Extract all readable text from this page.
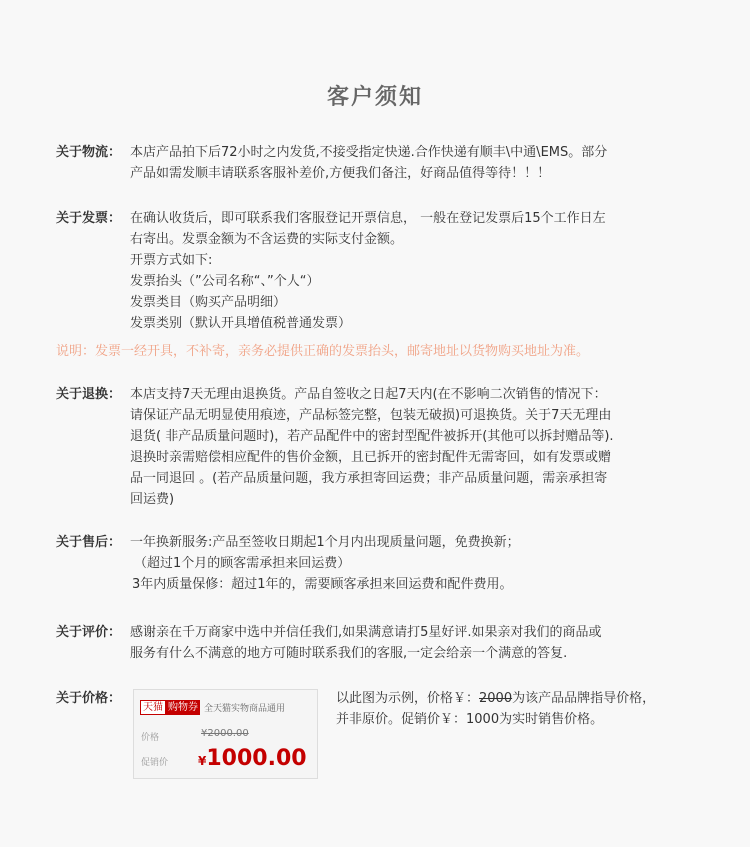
客户须知
关于物流： 本店产品拍下后72小时之内发货,不接受指定快递.合作快递有顺丰\中通\EMS。部分
产品如需发顺丰请联系客服补差价,方便我们备注，好商品值得等待！！！
关于发票： 在确认收货后，即可联系我们客服登记开票信息， 一般在登记发票后15个工作日左
右寄出。发票金额为不含运费的实际支付金额。
开票方式如下:
发票抬头（”公司名称“、”个人“）
发票类目（购买产品明细）
发票类别（默认开具增值税普通发票）
说明：发票一经开具，不补寄，亲务必提供正确的发票抬头，邮寄地址以货物购买地址为准。
关于退换： 本店支持7天无理由退换货。产品自签收之日起7天内(在不影响二次销售的情况下：
请保证产品无明显使用痕迹，产品标签完整，包装无破损)可退换货。关于7天无理由
退货( 非产品质量问题时)，若产品配件中的密封型配件被拆开(其他可以拆封赠品等).
退换时亲需赔偿相应配件的售价金额，且已拆开的密封配件无需寄回，如有发票或赠
品一同退回 。(若产品质量问题，我方承担寄回运费；非产品质量问题，需亲承担寄
回运费)
关于售后： 一年换新服务:产品至签收日期起1个月内出现质量问题，免费换新；
（超过1个月的顾客需承担来回运费）
3年内质量保修：超过1年的，需要顾客承担来回运费和配件费用。
关于评价： 感谢亲在千万商家中选中并信任我们,如果满意请打5星好评.如果亲对我们的商品或
服务有什么不满意的地方可随时联系我们的客服,一定会给亲一个满意的答复.
关于价格：
天猫 购物券 全天猫实物商品通用
价格	¥2000.00
促销价 ¥1000.00
以此图为示例，价格￥：2000为该产品品牌指导价格，
并非原价。促销价￥：1000为实时销售价格。
